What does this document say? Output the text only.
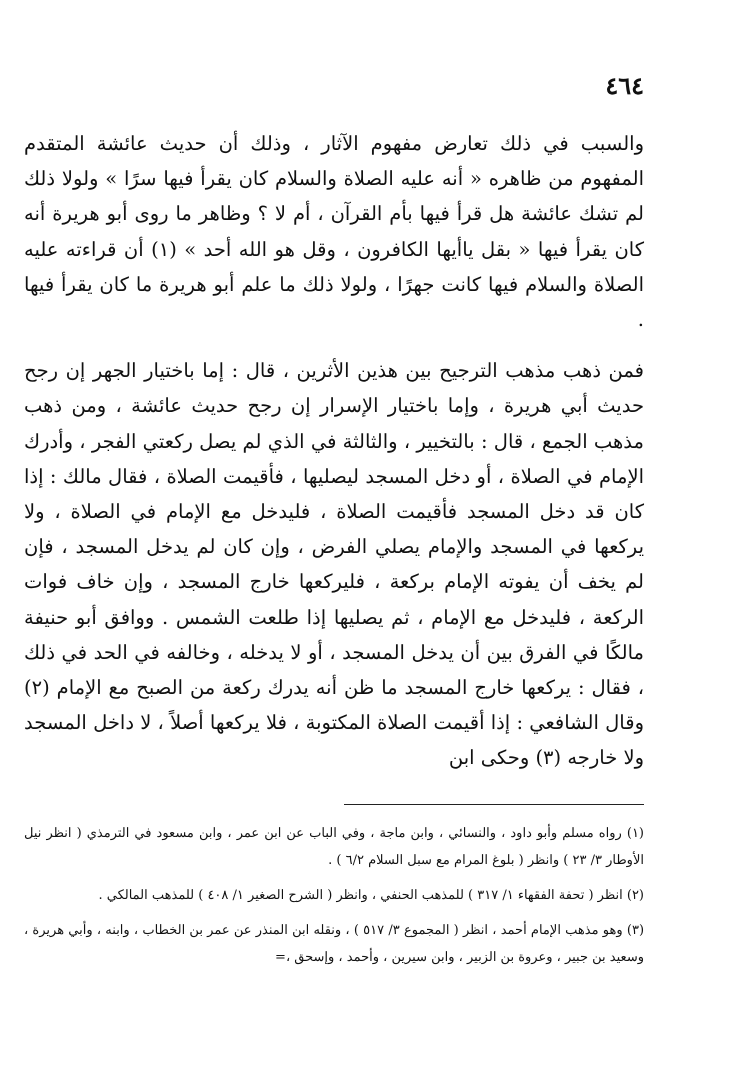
٤٦٤

والسبب في ذلك تعارض مفهوم الآثار ، وذلك أن حديث عائشة المتقدم المفهوم من ظاهره « أنه عليه الصلاة والسلام كان يقرأ فيها سرًا » ولولا ذلك لم تشك عائشة هل قرأ فيها بأم القرآن ، أم لا ؟ وظاهر ما روى أبو هريرة أنه كان يقرأ فيها « بقل ياأيها الكافرون ، وقل هو الله أحد » (١) أن قراءته عليه الصلاة والسلام فيها كانت جهرًا ، ولولا ذلك ما علم أبو هريرة ما كان يقرأ فيها .

فمن ذهب مذهب الترجيح بين هذين الأثرين ، قال : إما باختيار الجهر إن رجح حديث أبي هريرة ، وإما باختيار الإسرار إن رجح حديث عائشة ، ومن ذهب مذهب الجمع ، قال : بالتخيير ، والثالثة في الذي لم يصل ركعتي الفجر ، وأدرك الإمام في الصلاة ، أو دخل المسجد ليصليها ، فأقيمت الصلاة ، فقال مالك : إذا كان قد دخل المسجد فأقيمت الصلاة ، فليدخل مع الإمام في الصلاة ، ولا يركعها في المسجد والإمام يصلي الفرض ، وإن كان لم يدخل المسجد ، فإن لم يخف أن يفوته الإمام بركعة ، فليركعها خارج المسجد ، وإن خاف فوات الركعة ، فليدخل مع الإمام ، ثم يصليها إذا طلعت الشمس . ووافق أبو حنيفة مالكًا في الفرق بين أن يدخل المسجد ، أو لا يدخله ، وخالفه في الحد في ذلك ، فقال : يركعها خارج المسجد ما ظن أنه يدرك ركعة من الصبح مع الإمام (٢) وقال الشافعي : إذا أقيمت الصلاة المكتوبة ، فلا يركعها أصلاً ، لا داخل المسجد ولا خارجه (٣) وحكى ابن

(١) رواه مسلم وأبو داود ، والنسائي ، وابن ماجة ، وفي الباب عن ابن عمر ، وابن مسعود في الترمذي ( انظر نيل الأوطار ٣/ ٢٣ ) وانظر ( بلوغ المرام مع سبل السلام ٦/٢ ) .

(٢) انظر ( تحفة الفقهاء ١/ ٣١٧ ) للمذهب الحنفي ، وانظر ( الشرح الصغير ١/ ٤٠٨ ) للمذهب المالكي .

(٣) وهو مذهب الإمام أحمد ، انظر ( المجموع ٣/ ٥١٧ ) ، ونقله ابن المنذر عن عمر بن الخطاب ، وابنه ، وأبي هريرة ، وسعيد بن جبير ، وعروة بن الزبير ، وابن سيرين ، وأحمد ، وإسحق ،=
